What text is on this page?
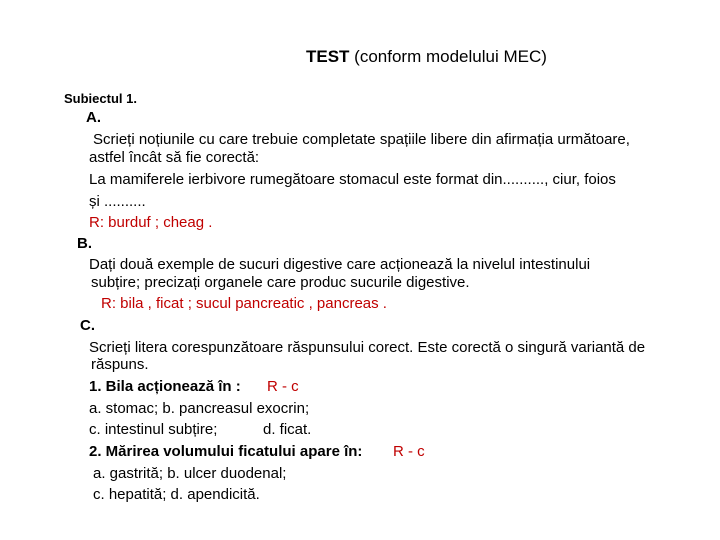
TEST (conform modelului MEC)
Subiectul 1.
A.
Scrieți noțiunile cu care trebuie completate spațiile libere din afirmația următoare,
astfel încât să fie corectă:
La mamiferele ierbivore rumegătoare stomacul este format din.........., ciur, foios
și ..........
R: burduf ; cheag .
B.
Dați două exemple de sucuri digestive care acționează la nivelul intestinului
subțire; precizați organele care produc sucurile digestive.
R: bila , ficat ; sucul pancreatic , pancreas .
C.
Scrieți litera corespunzătoare răspunsului corect. Este corectă o singură variantă de
răspuns.
1. Bila acționează în : R - c
a. stomac; b. pancreasul exocrin;
c. intestinul subțire;	d. ficat.
2. Mărirea volumului ficatului apare în: R - c
a. gastrită; b. ulcer duodenal;
c. hepatită; d. apendicită.
